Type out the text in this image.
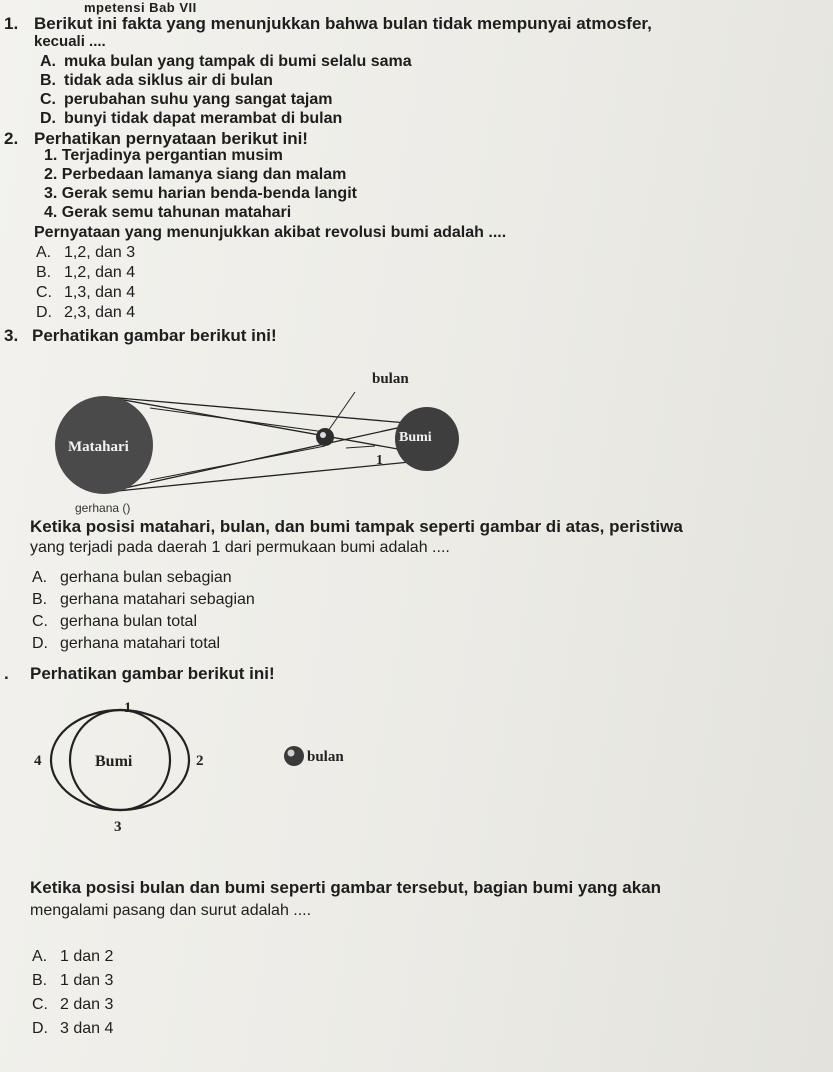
mpetensi Bab VII
1. Berikut ini fakta yang menunjukkan bahwa bulan tidak mempunyai atmosfer,
kecuali ....
A. muka bulan yang tampak di bumi selalu sama
B. tidak ada siklus air di bulan
C. perubahan suhu yang sangat tajam
D. bunyi tidak dapat merambat di bulan
2. Perhatikan pernyataan berikut ini!
1. Terjadinya pergantian musim
2. Perbedaan lamanya siang dan malam
3. Gerak semu harian benda-benda langit
4. Gerak semu tahunan matahari
Pernyataan yang menunjukkan akibat revolusi bumi adalah ....
A. 1,2, dan 3
B. 1,2, dan 4
C. 1,3, dan 4
D. 2,3, dan 4
3. Perhatikan gambar berikut ini!
Matahari
Bumi
bulan
1
gerhana ()
Ketika posisi matahari, bulan, dan bumi tampak seperti gambar di atas, peristiwa
yang terjadi pada daerah 1 dari permukaan bumi adalah ....
A. gerhana bulan sebagian
B. gerhana matahari sebagian
C. gerhana bulan total
D. gerhana matahari total
. Perhatikan gambar berikut ini!
1
2
3
4	Bumi	bulan
Ketika posisi bulan dan bumi seperti gambar tersebut, bagian bumi yang akan
mengalami pasang dan surut adalah ....
A. 1 dan 2
B. 1 dan 3
C. 2 dan 3
D. 3 dan 4
